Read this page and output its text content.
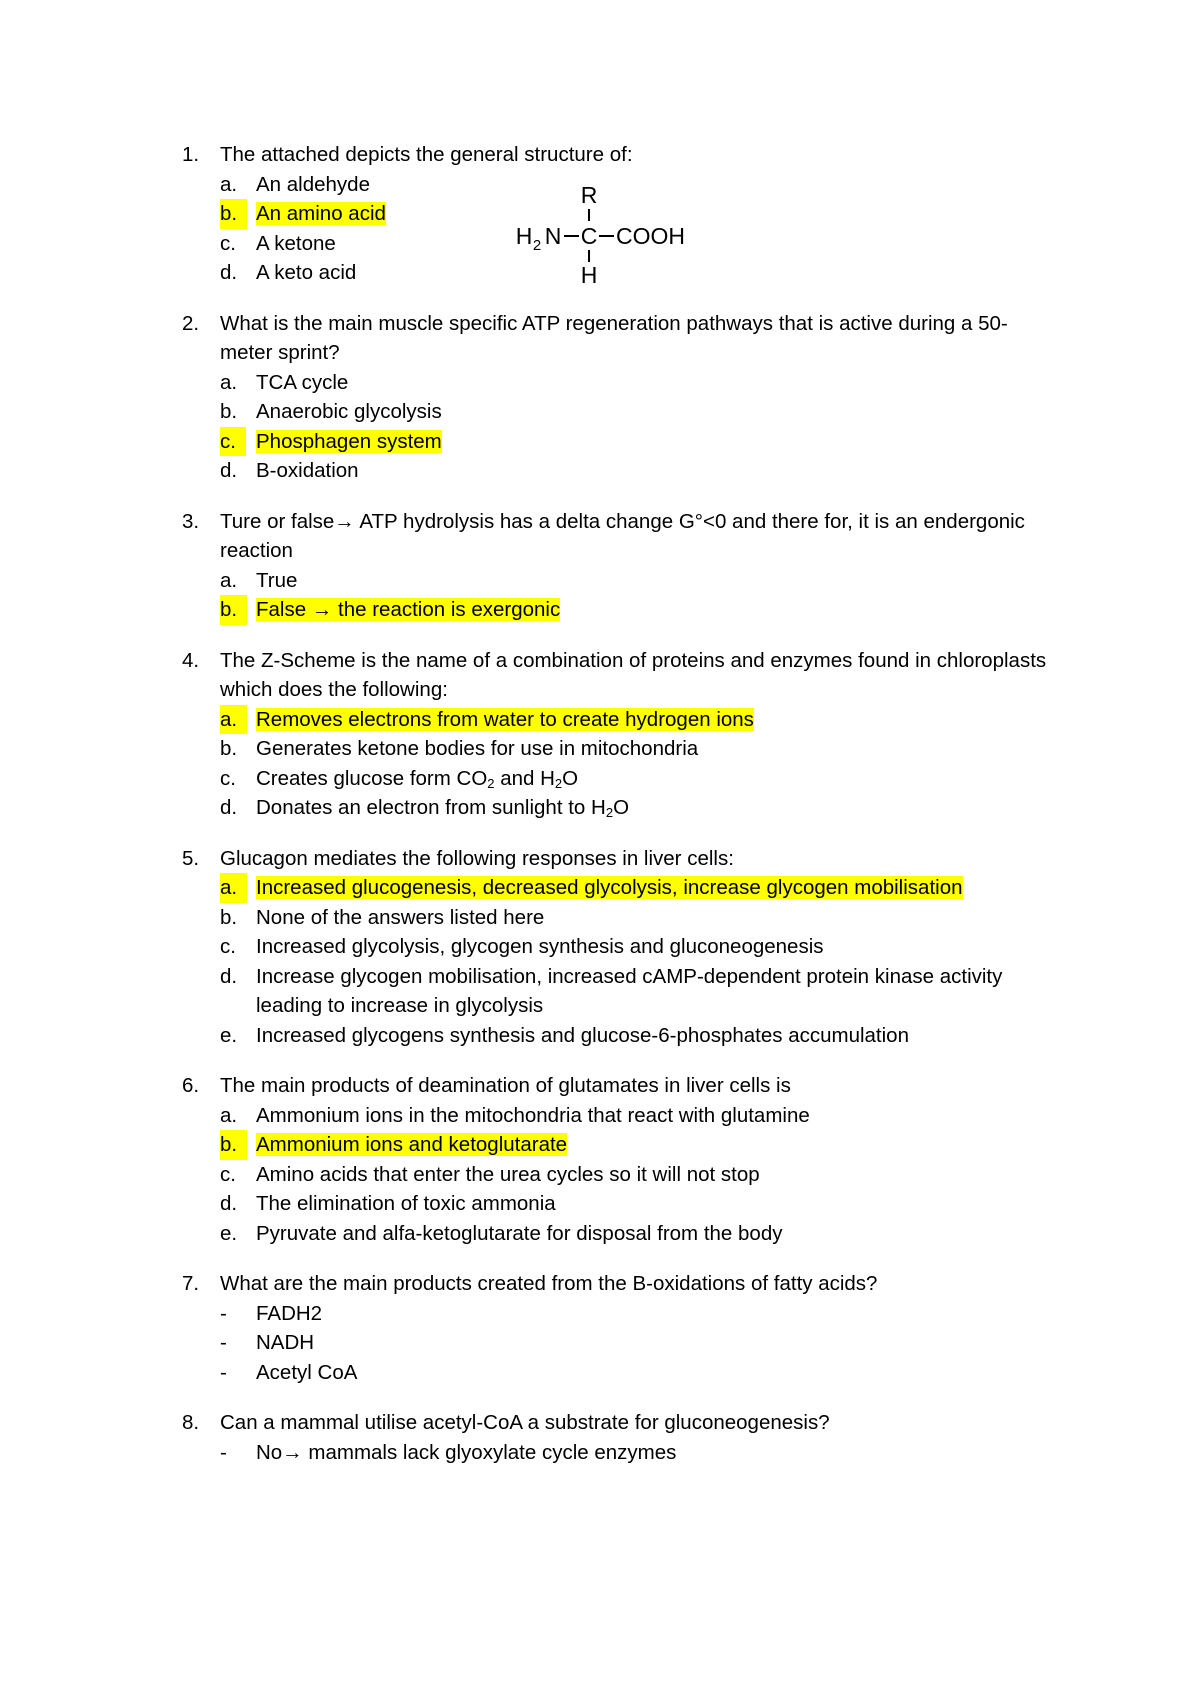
1. The attached depicts the general structure of:
a. An aldehyde
b. An amino acid
c. A ketone
d. A keto acid
2. What is the main muscle specific ATP regeneration pathways that is active during a 50-meter sprint?
a. TCA cycle
b. Anaerobic glycolysis
c. Phosphagen system
d. B-oxidation
3. Ture or false→ ATP hydrolysis has a delta change G°<0 and there for, it is an endergonic reaction
a. True
b. False → the reaction is exergonic
4. The Z-Scheme is the name of a combination of proteins and enzymes found in chloroplasts which does the following:
a. Removes electrons from water to create hydrogen ions
b. Generates ketone bodies for use in mitochondria
c. Creates glucose form $CO_2$ and $H_2O$
d. Donates an electron from sunlight to $H_2O$
5. Glucagon mediates the following responses in liver cells:
a. Increased glucogenesis, decreased glycolysis, increase glycogen mobilisation
b. None of the answers listed here
c. Increased glycolysis, glycogen synthesis and gluconeogenesis
d. Increase glycogen mobilisation, increased cAMP-dependent protein kinase activity leading to increase in glycolysis
e. Increased glycogens synthesis and glucose-6-phosphates accumulation
6. The main products of deamination of glutamates in liver cells is
a. Ammonium ions in the mitochondria that react with glutamine
b. Ammonium ions and ketoglutarate
c. Amino acids that enter the urea cycles so it will not stop
d. The elimination of toxic ammonia
e. Pyruvate and alfa-ketoglutarate for disposal from the body
7. What are the main products created from the B-oxidations of fatty acids?
- FADH2
- NADH
- Acetyl CoA
8. Can a mammal utilise acetyl-CoA a substrate for gluconeogenesis?
- No→ mammals lack glyoxylate cycle enzymes
R
H 2 N C COOH
H
